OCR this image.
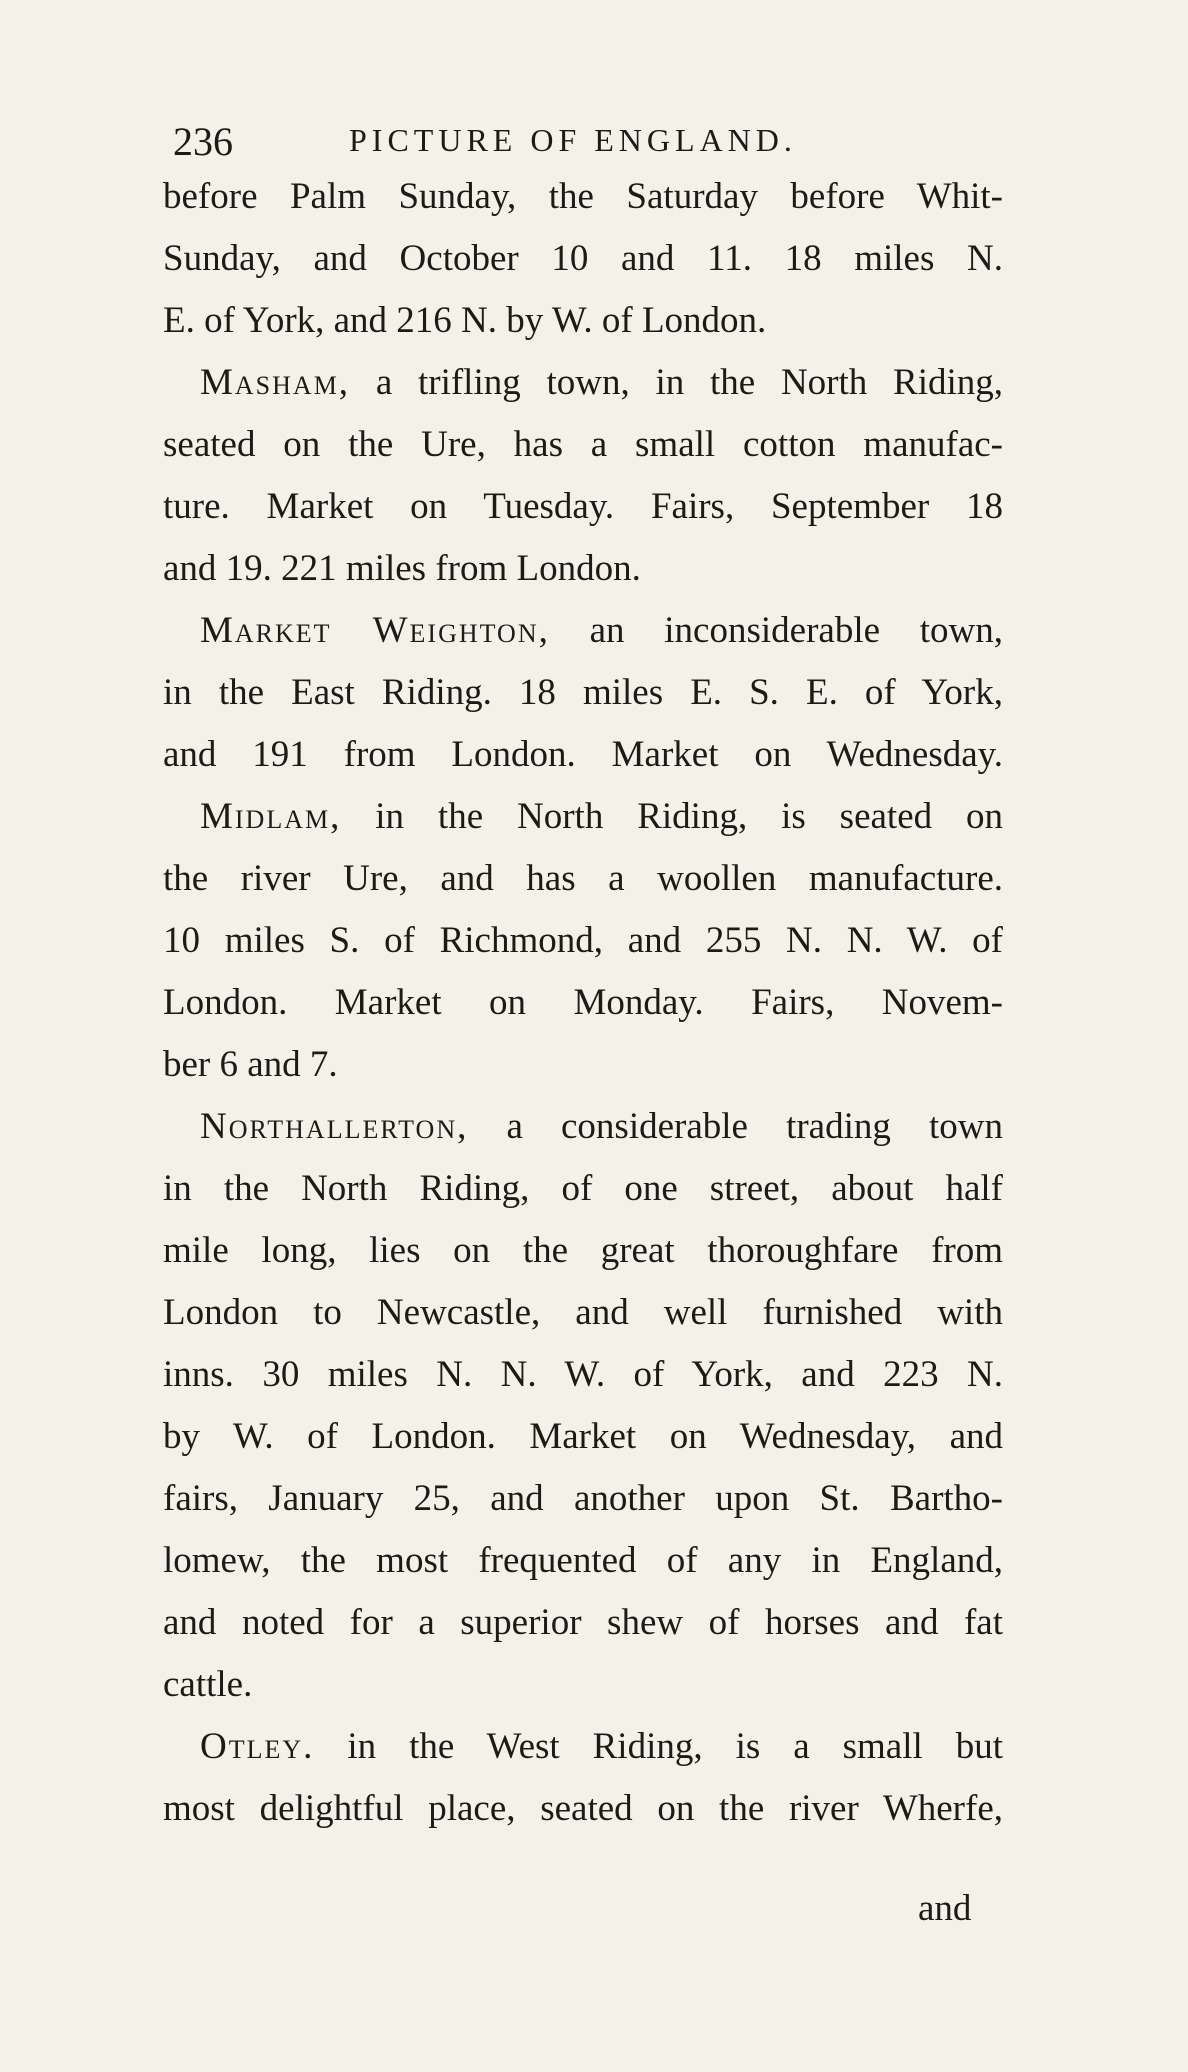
236	PICTURE OF ENGLAND.
before Palm Sunday, the Saturday before Whit-
Sunday, and October 10 and 11. 18 miles N.
E. of York, and 216 N. by W. of London.
Masham, a trifling town, in the North Riding,
seated on the Ure, has a small cotton manufac-
ture. Market on Tuesday. Fairs, September 18
and 19. 221 miles from London.
Market Weighton, an inconsiderable town,
in the East Riding. 18 miles E. S. E. of York,
and 191 from London. Market on Wednesday.
Midlam, in the North Riding, is seated on
the river Ure, and has a woollen manufacture.
10 miles S. of Richmond, and 255 N. N. W. of
London. Market on Monday. Fairs, Novem-
ber 6 and 7.
Northallerton, a considerable trading town
in the North Riding, of one street, about half
mile long, lies on the great thoroughfare from
London to Newcastle, and well furnished with
inns. 30 miles N. N. W. of York, and 223 N.
by W. of London. Market on Wednesday, and
fairs, January 25, and another upon St. Bartho-
lomew, the most frequented of any in England,
and noted for a superior shew of horses and fat
cattle.
Otley. in the West Riding, is a small but
most delightful place, seated on the river Wherfe,
and
